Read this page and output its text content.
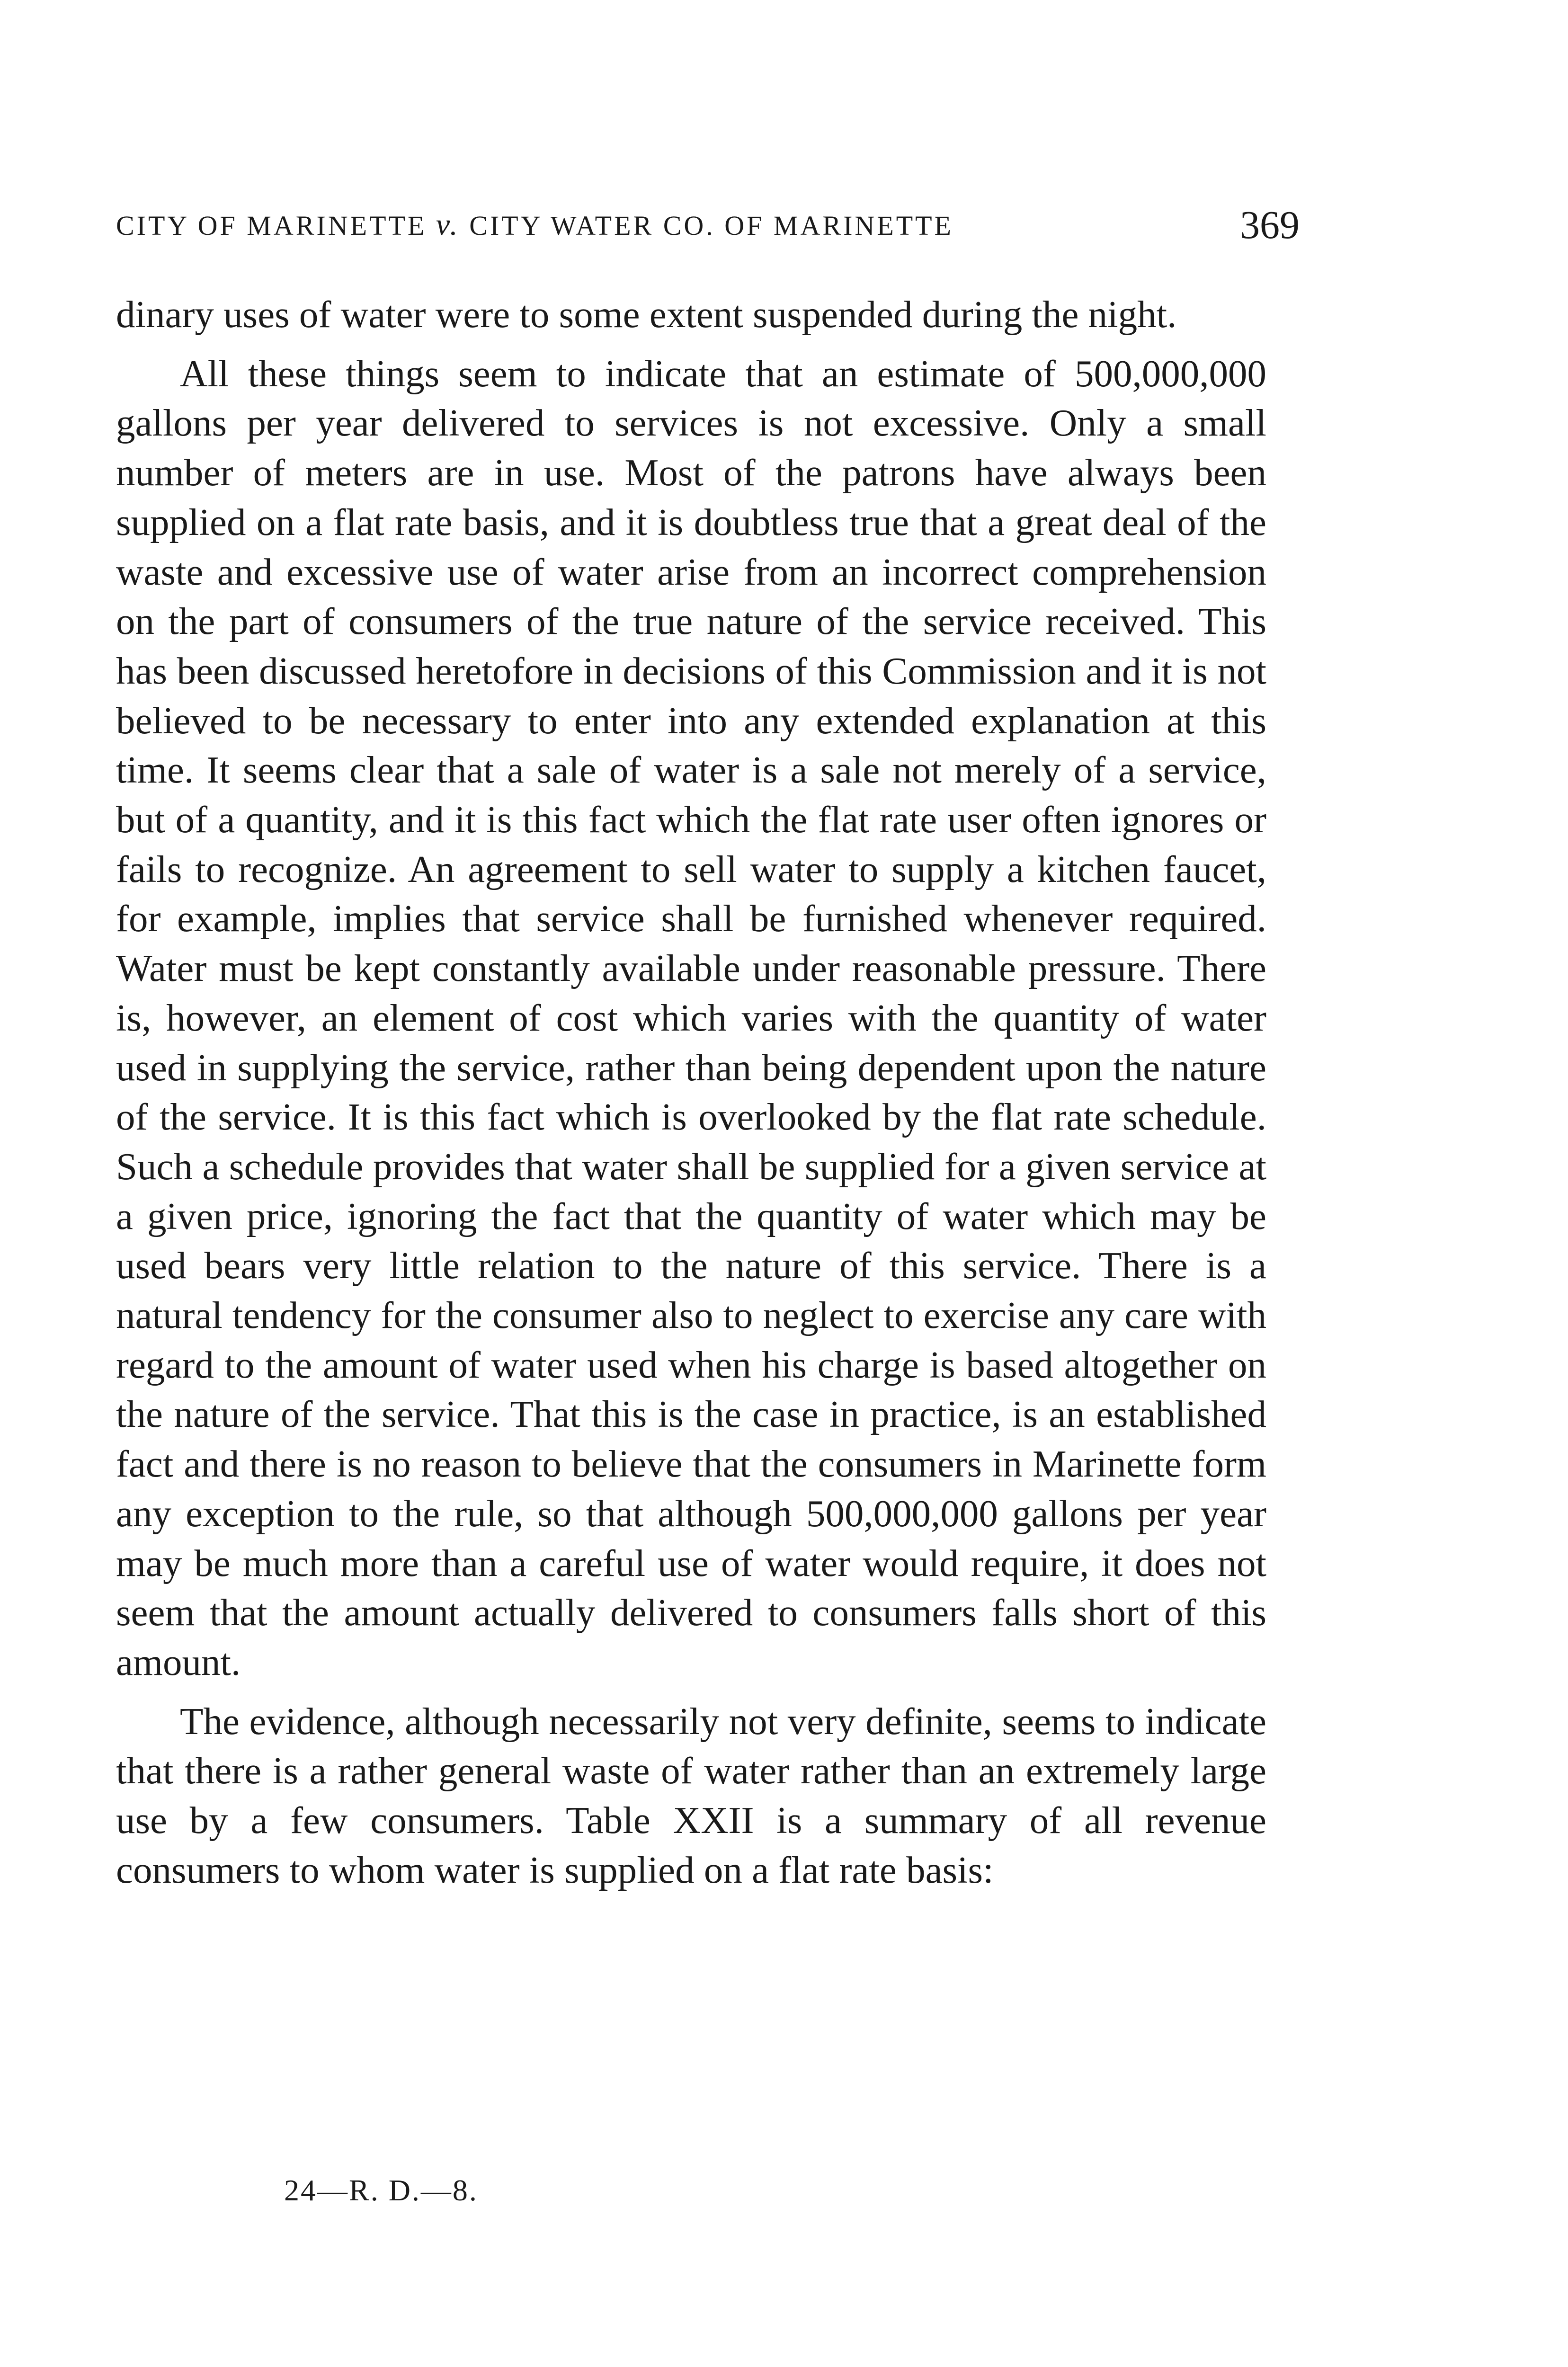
CITY OF MARINETTE v. CITY WATER CO. OF MARINETTE	369

dinary uses of water were to some extent suspended during the night.

All these things seem to indicate that an estimate of 500,000,000 gallons per year delivered to services is not excessive. Only a small number of meters are in use. Most of the patrons have always been supplied on a flat rate basis, and it is doubtless true that a great deal of the waste and excessive use of water arise from an incorrect comprehension on the part of consumers of the true nature of the service received. This has been discussed heretofore in decisions of this Commission and it is not believed to be necessary to enter into any extended explanation at this time. It seems clear that a sale of water is a sale not merely of a service, but of a quantity, and it is this fact which the flat rate user often ignores or fails to recognize. An agreement to sell water to supply a kitchen faucet, for example, implies that service shall be furnished whenever required. Water must be kept constantly available under reasonable pressure. There is, however, an element of cost which varies with the quantity of water used in supplying the service, rather than being dependent upon the nature of the service. It is this fact which is overlooked by the flat rate schedule. Such a schedule provides that water shall be supplied for a given service at a given price, ignoring the fact that the quantity of water which may be used bears very little relation to the nature of this service. There is a natural tendency for the consumer also to neglect to exercise any care with regard to the amount of water used when his charge is based altogether on the nature of the service. That this is the case in practice, is an established fact and there is no reason to believe that the consumers in Marinette form any exception to the rule, so that although 500,000,000 gallons per year may be much more than a careful use of water would require, it does not seem that the amount actually delivered to consumers falls short of this amount.

The evidence, although necessarily not very definite, seems to indicate that there is a rather general waste of water rather than an extremely large use by a few consumers. Table XXII is a summary of all revenue consumers to whom water is supplied on a flat rate basis:

24—R. D.—8.
